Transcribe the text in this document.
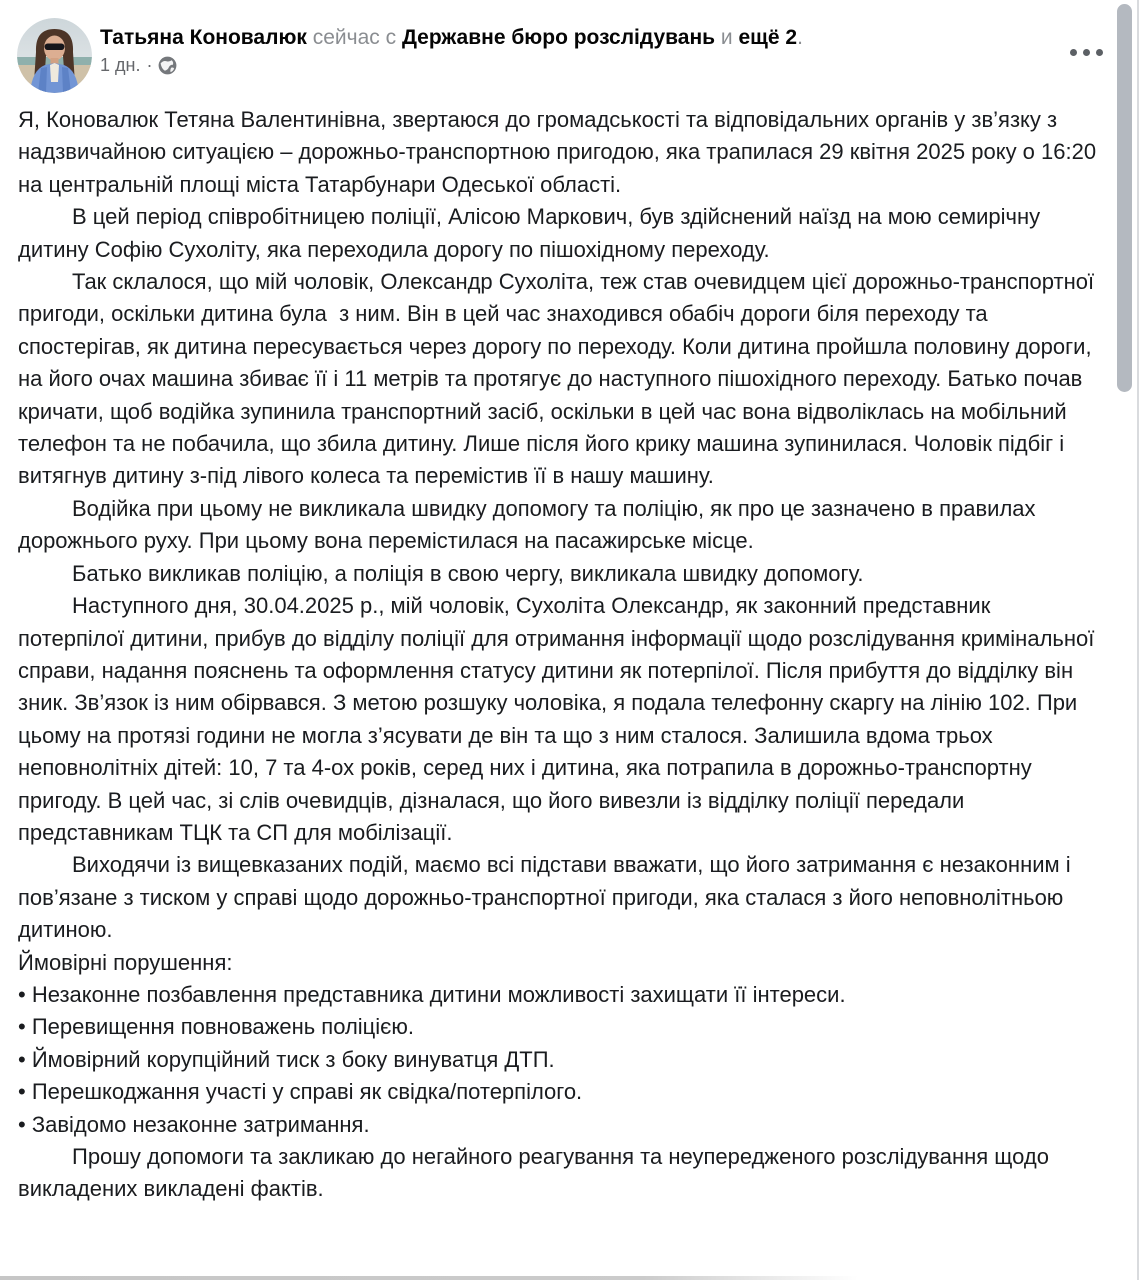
Татьяна Коновалюк сейчас с Державне бюро розслідувань и ещё 2.
1 дн. ·

Я, Коновалюк Тетяна Валентинівна, звертаюся до громадськості та відповідальних органів у зв’язку з надзвичайною ситуацією – дорожньо-транспортною пригодою, яка трапилася 29 квітня 2025 року о 16:20 на центральній площі міста Татарбунари Одеської області.

В цей період співробітницею поліції, Алісою Маркович, був здійснений наїзд на мою семирічну дитину Софію Сухоліту, яка переходила дорогу по пішохідному переходу.

Так склалося, що мій чоловік, Олександр Сухоліта, теж став очевидцем цієї дорожньо-транспортної пригоди, оскільки дитина була  з ним. Він в цей час знаходився обабіч дороги біля переходу та спостерігав, як дитина пересувається через дорогу по переходу. Коли дитина пройшла половину дороги, на його очах машина збиває її і 11 метрів та протягує до наступного пішохідного переходу. Батько почав кричати, щоб водійка зупинила транспортний засіб, оскільки в цей час вона відволіклась на мобільний телефон та не побачила, що збила дитину. Лише після його крику машина зупинилася. Чоловік підбіг і витягнув дитину з-під лівого колеса та перемістив її в нашу машину.

Водійка при цьому не викликала швидку допомогу та поліцію, як про це зазначено в правилах дорожнього руху. При цьому вона перемістилася на пасажирське місце.

Батько викликав поліцію, а поліція в свою чергу, викликала швидку допомогу.

Наступного дня, 30.04.2025 р., мій чоловік, Сухоліта Олександр, як законний представник потерпілої дитини, прибув до відділу поліції для отримання інформації щодо розслідування кримінальної справи, надання пояснень та оформлення статусу дитини як потерпілої. Після прибуття до відділку він зник. Зв’язок із ним обірвався. З метою розшуку чоловіка, я подала телефонну скаргу на лінію 102. При цьому на протязі години не могла з’ясувати де він та що з ним сталося. Залишила вдома трьох неповнолітніх дітей: 10, 7 та 4-ох років, серед них і дитина, яка потрапила в дорожньо-транспортну пригоду. В цей час, зі слів очевидців, дізналася, що його вивезли із відділку поліції передали представникам ТЦК та СП для мобілізації.

Виходячи із вищевказаних подій, маємо всі підстави вважати, що його затримання є незаконним і пов’язане з тиском у справі щодо дорожньо-транспортної пригоди, яка сталася з його неповнолітньою дитиною.

Ймовірні порушення:

• Незаконне позбавлення представника дитини можливості захищати її інтереси.

• Перевищення повноважень поліцією.

• Ймовірний корупційний тиск з боку винуватця ДТП.

• Перешкоджання участі у справі як свідка/потерпілого.

• Завідомо незаконне затримання.

Прошу допомоги та закликаю до негайного реагування та неупередженого розслідування щодо викладених викладені фактів.
